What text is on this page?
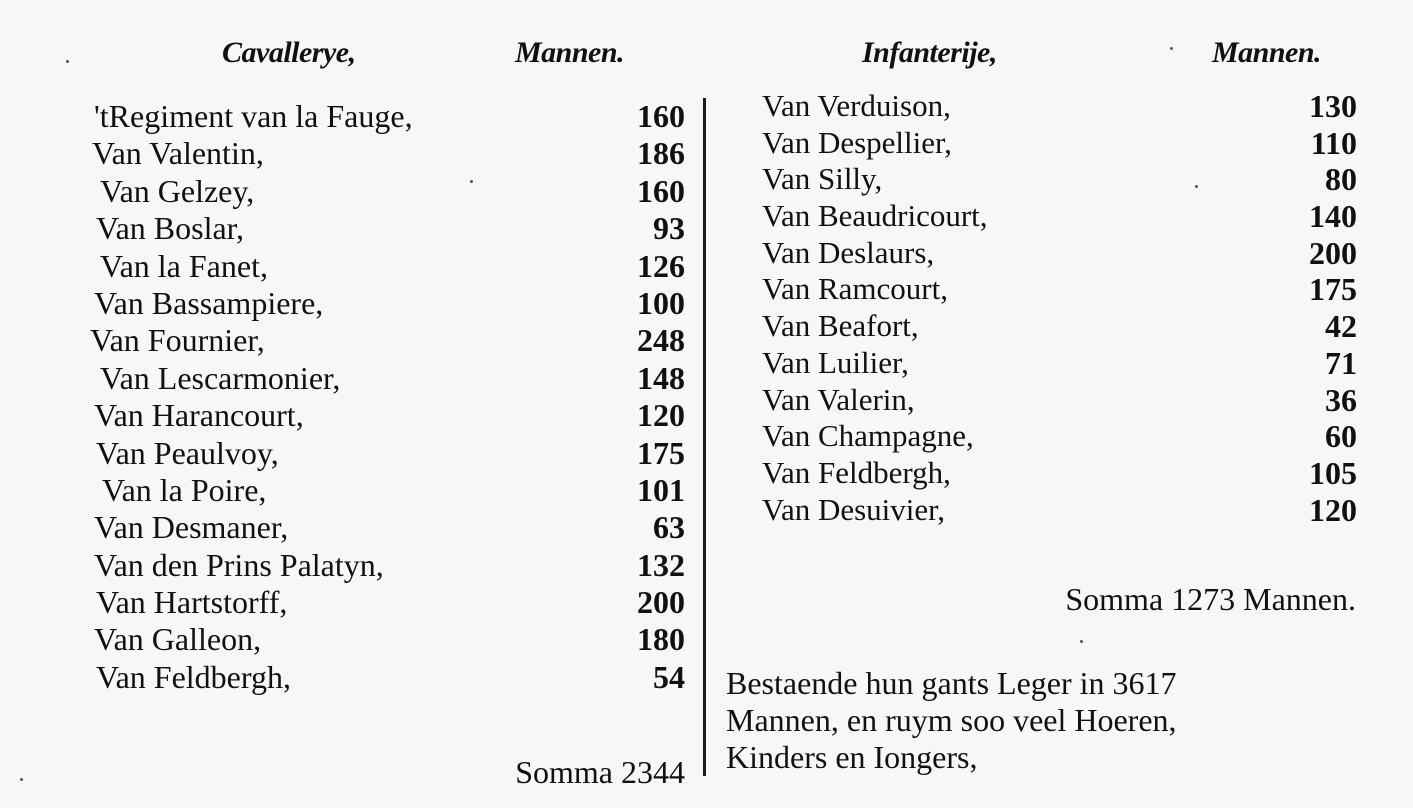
Cavallerye,	Mannen.	Infanterije,	Mannen.
'tRegiment van la Fauge,	160
Van Valentin,	186
Van Gelzey,	160
Van Boslar,	93
Van la Fanet,	126
Van Bassampiere,	100
Van Fournier,	248
Van Lescarmonier,	148
Van Harancourt,	120
Van Peaulvoy,	175
Van la Poire,	101
Van Desmaner,	63
Van den Prins Palatyn,	132
Van Hartstorff,	200
Van Galleon,	180
Van Feldbergh,	54
Somma 2344
Van Verduison,	130
Van Despellier,	110
Van Silly,	80
Van Beaudricourt,	140
Van Deslaurs,	200
Van Ramcourt,	175
Van Beafort,	42
Van Luilier,	71
Van Valerin,	36
Van Champagne,	60
Van Feldbergh,	105
Van Desuivier,	120
Somma 1273 Mannen.
Bestaende hun gants Leger in 3617
Mannen, en ruym soo veel Hoeren,
Kinders en Iongers,
